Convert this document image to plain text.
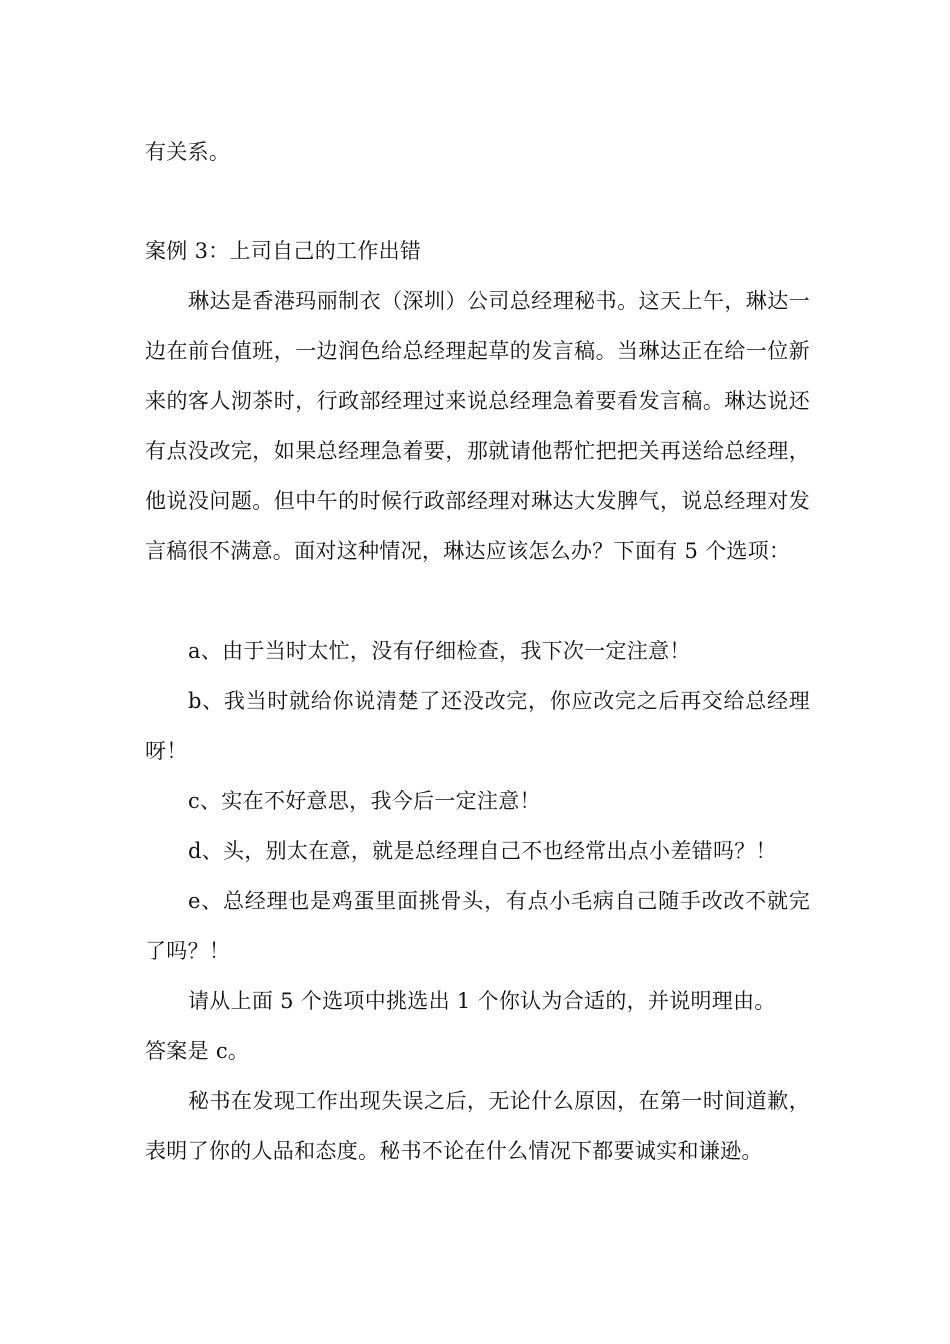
有关系。

案例 3：上司自己的工作出错

琳达是香港玛丽制衣（深圳）公司总经理秘书。这天上午，琳达一边在前台值班，一边润色给总经理起草的发言稿。当琳达正在给一位新来的客人沏茶时，行政部经理过来说总经理急着要看发言稿。琳达说还有点没改完，如果总经理急着要，那就请他帮忙把把关再送给总经理，他说没问题。但中午的时候行政部经理对琳达大发脾气，说总经理对发言稿很不满意。面对这种情况，琳达应该怎么办？下面有 5 个选项：

a、由于当时太忙，没有仔细检查，我下次一定注意！

b、我当时就给你说清楚了还没改完，你应改完之后再交给总经理呀！

c、实在不好意思，我今后一定注意！

d、头，别太在意，就是总经理自己不也经常出点小差错吗？！

e、总经理也是鸡蛋里面挑骨头，有点小毛病自己随手改改不就完了吗？！

请从上面 5 个选项中挑选出 1 个你认为合适的，并说明理由。

答案是 c。

秘书在发现工作出现失误之后，无论什么原因，在第一时间道歉，表明了你的人品和态度。秘书不论在什么情况下都要诚实和谦逊。
